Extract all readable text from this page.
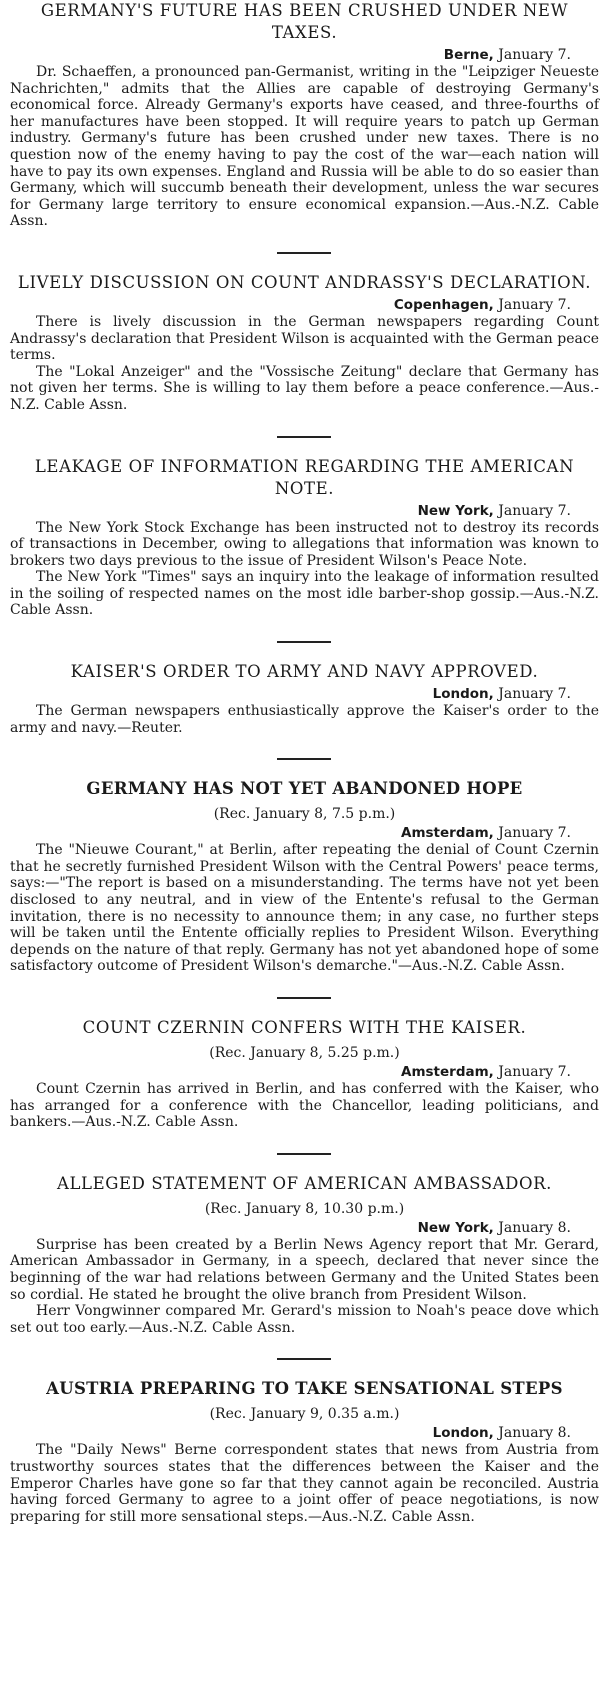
GERMANY'S FUTURE HAS BEEN CRUSHED UNDER NEW TAXES.
Berne, January 7.

Dr. Schaeffen, a pronounced pan-Germanist, writing in the "Leipziger Neueste Nachrichten," admits that the Allies are capable of destroying Germany's economical force. Already Germany's exports have ceased, and three-fourths of her manufactures have been stopped. It will require years to patch up German industry. Germany's future has been crushed under new taxes. There is no question now of the enemy having to pay the cost of the war—each nation will have to pay its own expenses. England and Russia will be able to do so easier than Germany, which will succumb beneath their development, unless the war secures for Germany large territory to ensure economical expansion.—Aus.-N.Z. Cable Assn.

LIVELY DISCUSSION ON COUNT ANDRASSY'S DECLARATION.
Copenhagen, January 7.

There is lively discussion in the German newspapers regarding Count Andrassy's declaration that President Wilson is acquainted with the German peace terms.

The "Lokal Anzeiger" and the "Vossische Zeitung" declare that Germany has not given her terms. She is willing to lay them before a peace conference.—Aus.-N.Z. Cable Assn.

LEAKAGE OF INFORMATION REGARDING THE AMERICAN NOTE.
New York, January 7.

The New York Stock Exchange has been instructed not to destroy its records of transactions in December, owing to allegations that information was known to brokers two days previous to the issue of President Wilson's Peace Note.

The New York "Times" says an inquiry into the leakage of information resulted in the soiling of respected names on the most idle barber-shop gossip.—Aus.-N.Z. Cable Assn.

KAISER'S ORDER TO ARMY AND NAVY APPROVED.
London, January 7.

The German newspapers enthusiastically approve the Kaiser's order to the army and navy.—Reuter.

GERMANY HAS NOT YET ABANDONED HOPE
(Rec. January 8, 7.5 p.m.)
Amsterdam, January 7.

The "Nieuwe Courant," at Berlin, after repeating the denial of Count Czernin that he secretly furnished President Wilson with the Central Powers' peace terms, says:—"The report is based on a misunderstanding. The terms have not yet been disclosed to any neutral, and in view of the Entente's refusal to the German invitation, there is no necessity to announce them; in any case, no further steps will be taken until the Entente officially replies to President Wilson. Everything depends on the nature of that reply. Germany has not yet abandoned hope of some satisfactory outcome of President Wilson's demarche."—Aus.-N.Z. Cable Assn.

COUNT CZERNIN CONFERS WITH THE KAISER.
(Rec. January 8, 5.25 p.m.)
Amsterdam, January 7.

Count Czernin has arrived in Berlin, and has conferred with the Kaiser, who has arranged for a conference with the Chancellor, leading politicians, and bankers.—Aus.-N.Z. Cable Assn.

ALLEGED STATEMENT OF AMERICAN AMBASSADOR.
(Rec. January 8, 10.30 p.m.)
New York, January 8.

Surprise has been created by a Berlin News Agency report that Mr. Gerard, American Ambassador in Germany, in a speech, declared that never since the beginning of the war had relations between Germany and the United States been so cordial. He stated he brought the olive branch from President Wilson.

Herr Vongwinner compared Mr. Gerard's mission to Noah's peace dove which set out too early.—Aus.-N.Z. Cable Assn.

AUSTRIA PREPARING TO TAKE SENSATIONAL STEPS
(Rec. January 9, 0.35 a.m.)
London, January 8.

The "Daily News" Berne correspondent states that news from Austria from trustworthy sources states that the differences between the Kaiser and the Emperor Charles have gone so far that they cannot again be reconciled. Austria having forced Germany to agree to a joint offer of peace negotiations, is now preparing for still more sensational steps.—Aus.-N.Z. Cable Assn.
